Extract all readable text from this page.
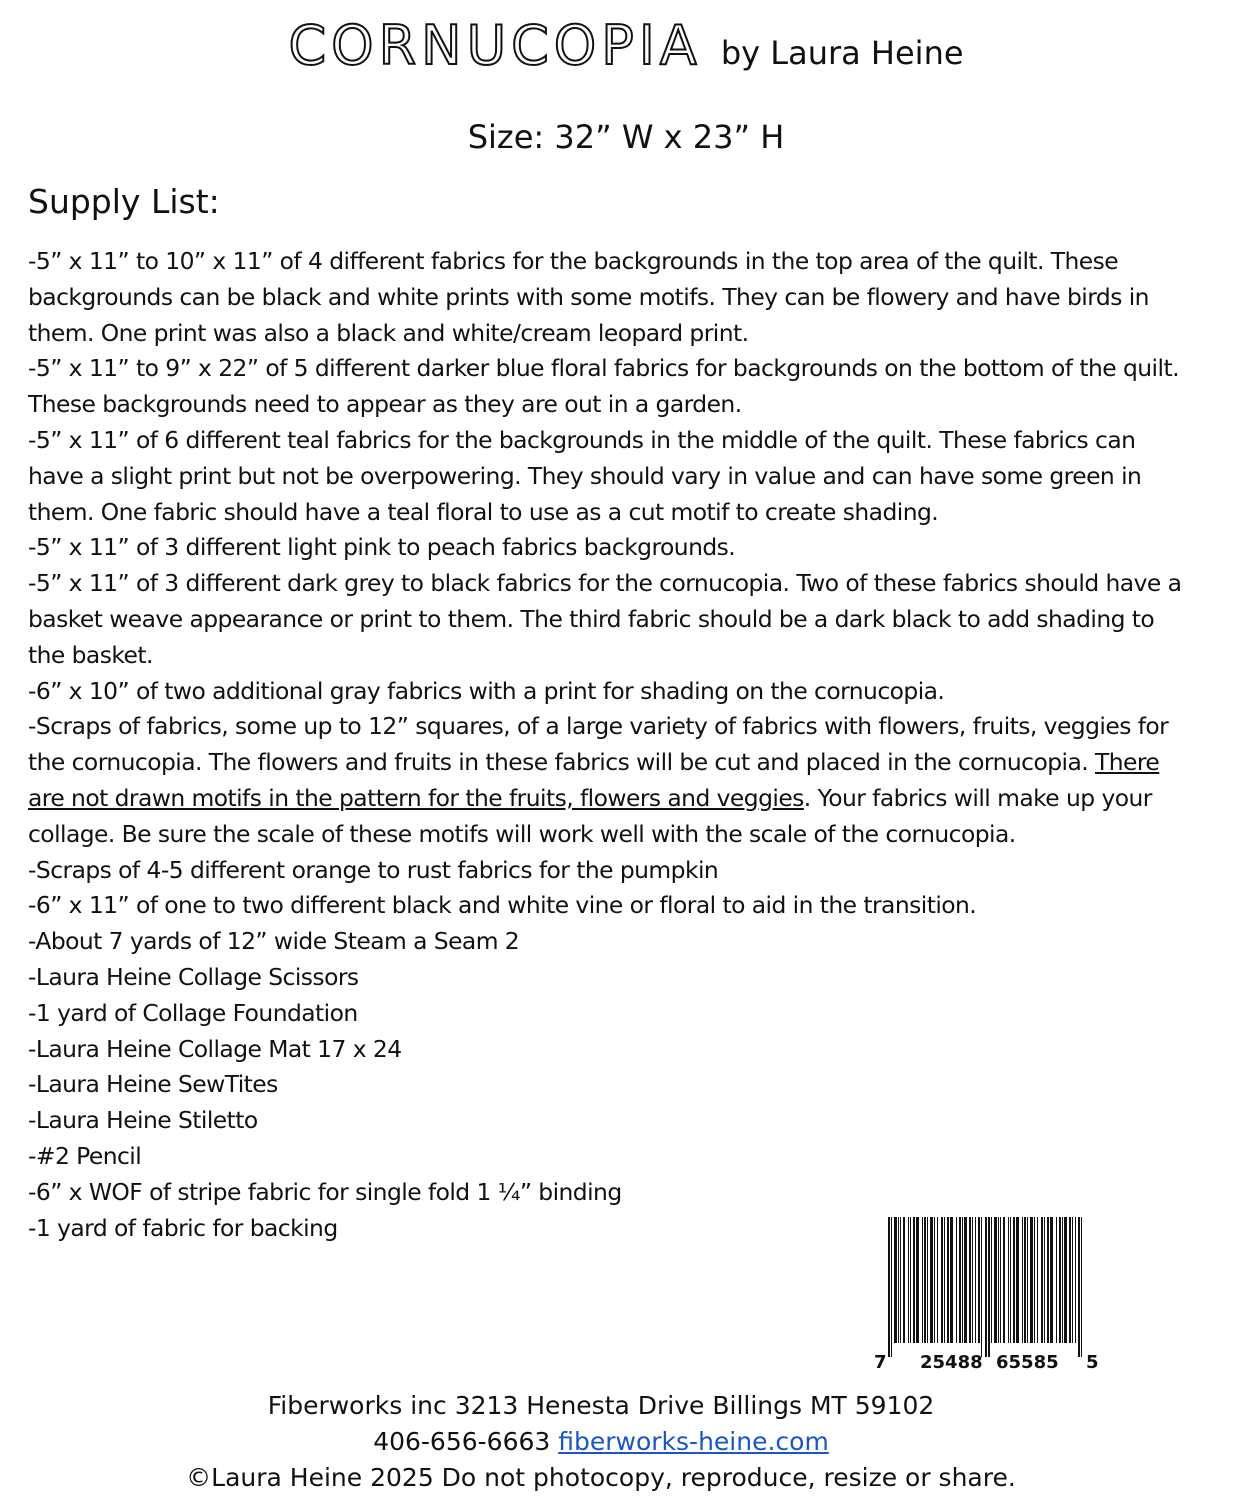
CORNUCOPIA by Laura Heine
Size: 32” W x 23” H
Supply List:
-5” x 11” to 10” x 11” of 4 different fabrics for the backgrounds in the top area of the quilt. These backgrounds can be black and white prints with some motifs. They can be flowery and have birds in them. One print was also a black and white/cream leopard print.
-5” x 11” to 9” x 22” of 5 different darker blue floral fabrics for backgrounds on the bottom of the quilt. These backgrounds need to appear as they are out in a garden.
-5” x 11” of 6 different teal fabrics for the backgrounds in the middle of the quilt. These fabrics can have a slight print but not be overpowering. They should vary in value and can have some green in them. One fabric should have a teal floral to use as a cut motif to create shading.
-5” x 11” of 3 different light pink to peach fabrics backgrounds.
-5” x 11” of 3 different dark grey to black fabrics for the cornucopia. Two of these fabrics should have a basket weave appearance or print to them. The third fabric should be a dark black to add shading to the basket.
-6” x 10” of two additional gray fabrics with a print for shading on the cornucopia.
-Scraps of fabrics, some up to 12” squares, of a large variety of fabrics with flowers, fruits, veggies for the cornucopia. The flowers and fruits in these fabrics will be cut and placed in the cornucopia. There are not drawn motifs in the pattern for the fruits, flowers and veggies. Your fabrics will make up your collage. Be sure the scale of these motifs will work well with the scale of the cornucopia.
-Scraps of 4-5 different orange to rust fabrics for the pumpkin
-6” x 11” of one to two different black and white vine or floral to aid in the transition.
-About 7 yards of 12” wide Steam a Seam 2
-Laura Heine Collage Scissors
-1 yard of Collage Foundation
-Laura Heine Collage Mat 17 x 24
-Laura Heine SewTites
-Laura Heine Stiletto
-#2 Pencil
-6” x WOF of stripe fabric for single fold 1 ¼” binding
-1 yard of fabric for backing
7 25488 65585 5
Fiberworks inc 3213 Henesta Drive Billings MT 59102
406-656-6663 fiberworks-heine.com
©Laura Heine 2025 Do not photocopy, reproduce, resize or share.
